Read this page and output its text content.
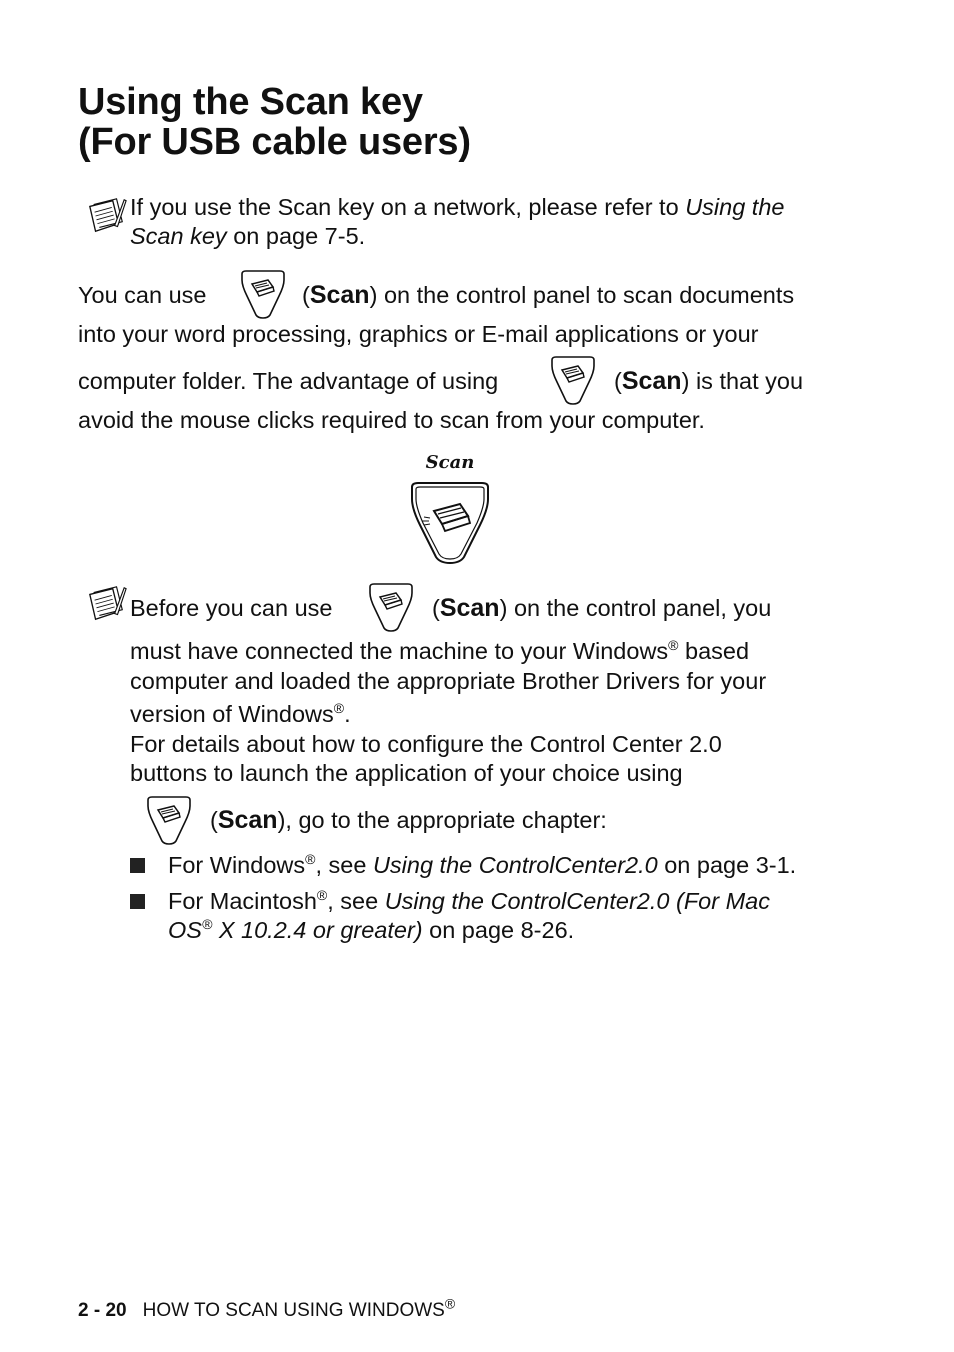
Using the Scan key
(For USB cable users)
If you use the Scan key on a network, please refer to Using the
Scan key on page 7-5.
You can use	(Scan) on the control panel to scan documents
into your word processing, graphics or E-mail applications or your
computer folder. The advantage of using	(Scan) is that you
avoid the mouse clicks required to scan from your computer.
Scan
Before you can use	(Scan) on the control panel, you
must have connected the machine to your Windows® based
computer and loaded the appropriate Brother Drivers for your
version of Windows®.
For details about how to configure the Control Center 2.0
buttons to launch the application of your choice using
(Scan), go to the appropriate chapter:
For Windows®, see Using the ControlCenter2.0 on page 3-1.
For Macintosh®, see Using the ControlCenter2.0 (For Mac
OS® X 10.2.4 or greater) on page 8-26.
2 - 20 HOW TO SCAN USING WINDOWS®
